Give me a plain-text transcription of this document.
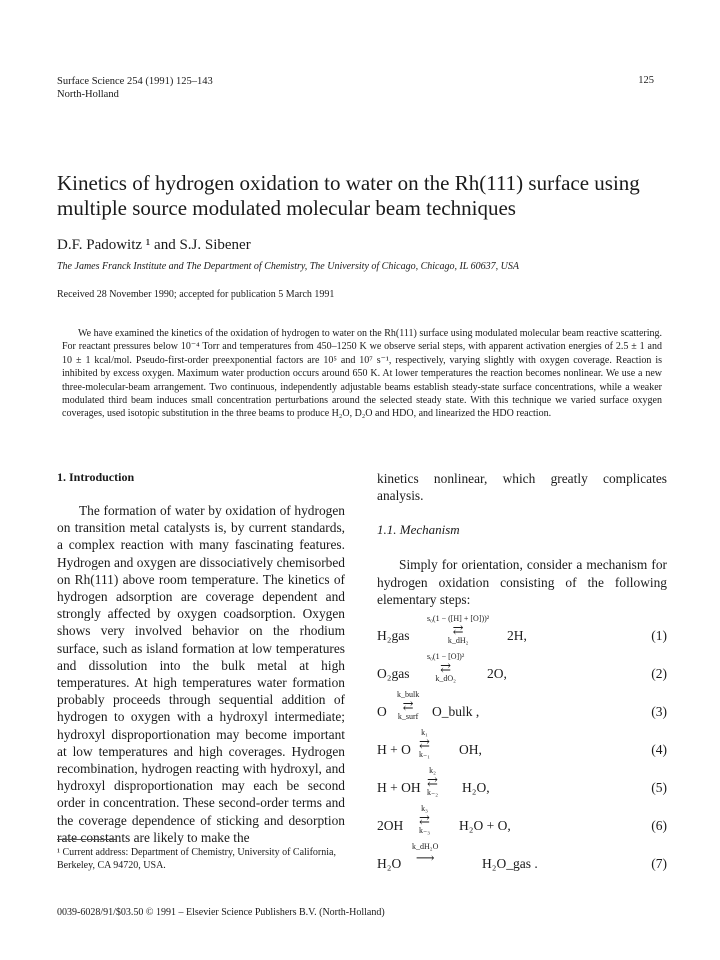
Surface Science 254 (1991) 125–143
North-Holland
125
Kinetics of hydrogen oxidation to water on the Rh(111) surface using multiple source modulated molecular beam techniques
D.F. Padowitz ¹ and S.J. Sibener
The James Franck Institute and The Department of Chemistry, The University of Chicago, Chicago, IL 60637, USA
Received 28 November 1990; accepted for publication 5 March 1991

We have examined the kinetics of the oxidation of hydrogen to water on the Rh(111) surface using modulated molecular beam reactive scattering. For reactant pressures below 10⁻⁴ Torr and temperatures from 450–1250 K we observe serial steps, with apparent activation energies of 2.5 ± 1 and 10 ± 1 kcal/mol. Pseudo-first-order preexponential factors are 10⁵ and 10⁷ s⁻¹, respectively, varying slightly with oxygen coverage. Reaction is inhibited by excess oxygen. Maximum water production occurs around 650 K. At lower temperatures the reaction becomes nonlinear. We use a new three-molecular-beam arrangement. Two continuous, independently adjustable beams establish steady-state surface concentrations, while a weaker modulated third beam induces small concentration perturbations around the selected steady state. With this technique we varied surface oxygen coverages, used isotopic substitution in the three beams to produce H₂O, D₂O and HDO, and linearized the HDO reaction.

1. Introduction

The formation of water by oxidation of hydrogen on transition metal catalysts is, by current standards, a complex reaction with many fascinating features. Hydrogen and oxygen are dissociatively chemisorbed on Rh(111) above room temperature. The kinetics of hydrogen adsorption are coverage dependent and strongly affected by oxygen coadsorption. Oxygen shows very involved behavior on the rhodium surface, such as island formation at low temperatures and dissolution into the bulk metal at high temperatures. At high temperatures water formation probably proceeds through sequential addition of hydrogen to oxygen with a hydroxyl intermediate; hydroxyl disproportionation may become important at low temperatures and high coverages. Hydrogen recombination, hydrogen reacting with hydroxyl, and hydroxyl disproportionation may each be second order in concentration. These second-order terms and the coverage dependence of sticking and desorption rate constants are likely to make the

¹ Current address: Department of Chemistry, University of California, Berkeley, CA 94720, USA.

kinetics nonlinear, which greatly complicates analysis.

1.1. Mechanism

Simply for orientation, consider a mechanism for hydrogen oxidation consisting of the following elementary steps:

H₂gas
s₀(1 − ([H] + [O]))²
⇄
k_dH₂	2H,	(1)
O₂gas
s₀(1 − [O])²
⇄
k_dO₂	2O,	(2)
O
k_bulk
⇄
k_surf O_bulk ,	(3)
H + O
k₁
⇄
k₋₁ OH,	(4)
H + OH
k₂
⇄
k₋₂ H₂O,	(5)
2OH
k₃
⇄
k₋₃ H₂O + O,	(6)
H₂O
k_dH₂O
⟶	H₂O_gas .	(7)
0039-6028/91/$03.50 © 1991 – Elsevier Science Publishers B.V. (North-Holland)
